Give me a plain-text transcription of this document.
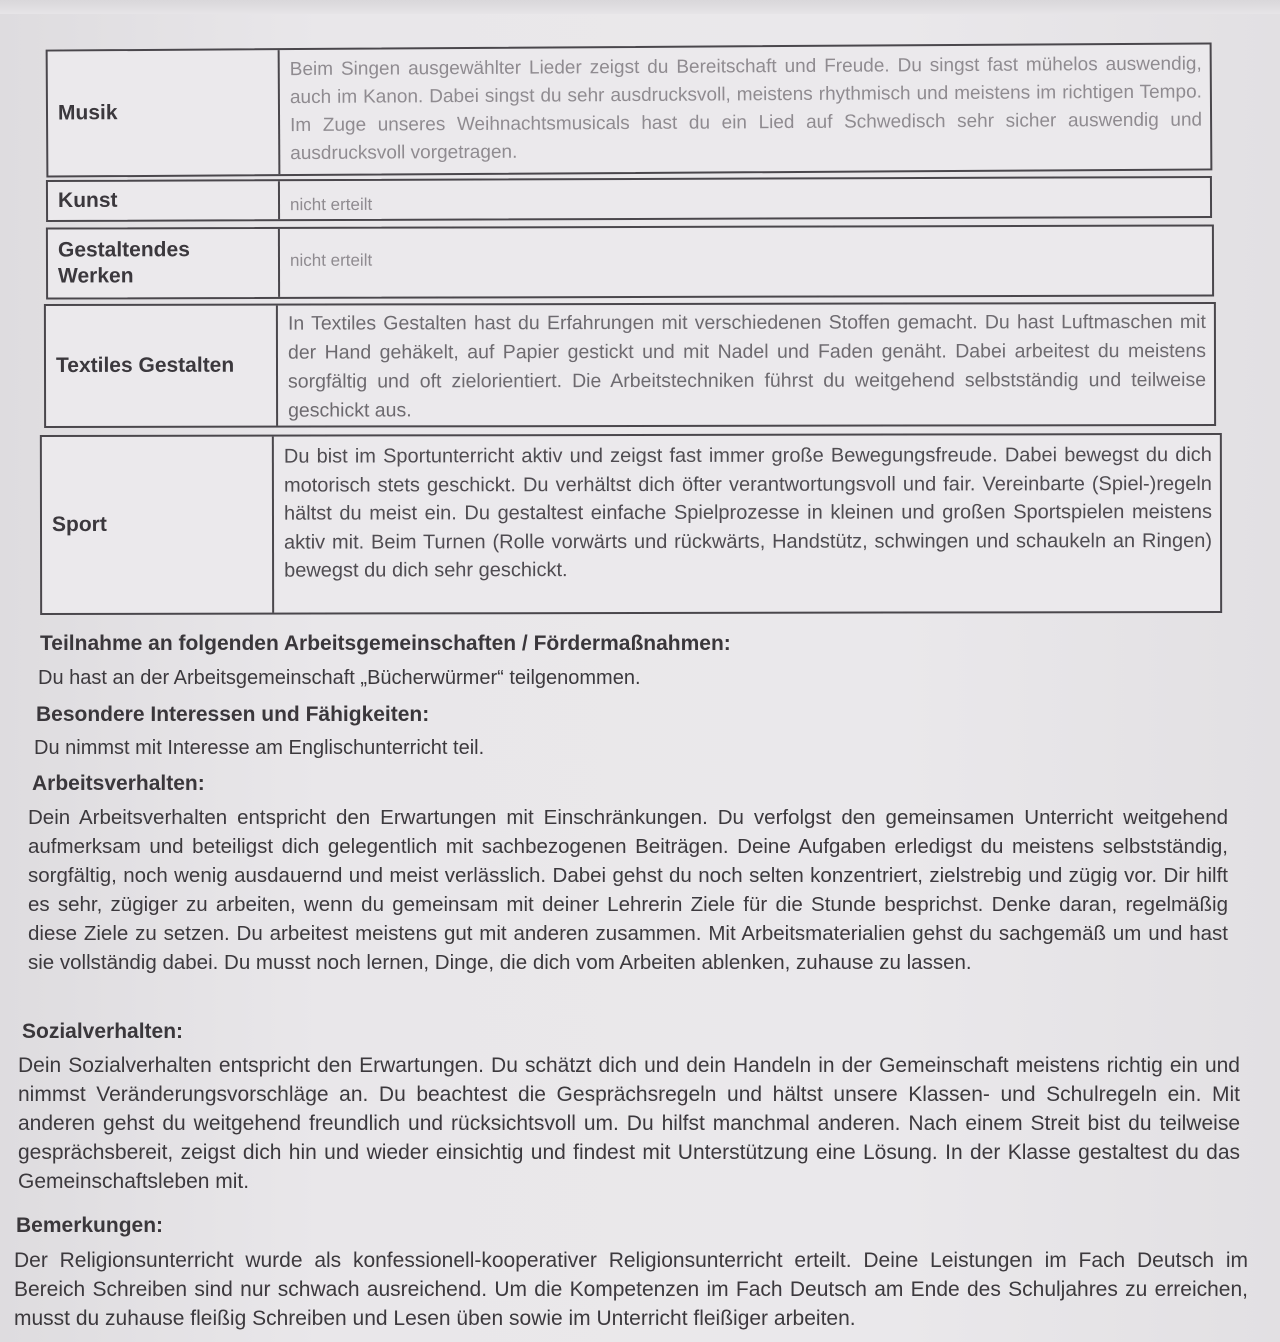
Musik
Beim Singen ausgewählter Lieder zeigst du Bereitschaft und Freude. Du singst fast mühelos auswendig, auch im Kanon. Dabei singst du sehr ausdrucksvoll, meistens rhythmisch und meistens im richtigen Tempo. Im Zuge unseres Weihnachtsmusicals hast du ein Lied auf Schwedisch sehr sicher auswendig und ausdrucksvoll vorgetragen.
Kunst	nicht erteilt
Gestaltendes Werken
nicht erteilt
Textiles Gestalten
In Textiles Gestalten hast du Erfahrungen mit verschiedenen Stoffen gemacht. Du hast Luftmaschen mit der Hand gehäkelt, auf Papier gestickt und mit Nadel und Faden genäht. Dabei arbeitest du meistens sorgfältig und oft zielorientiert. Die Arbeitstechniken führst du weitgehend selbstständig und teilweise geschickt aus.
Sport
Du bist im Sportunterricht aktiv und zeigst fast immer große Bewegungsfreude. Dabei bewegst du dich motorisch stets geschickt. Du verhältst dich öfter verantwortungsvoll und fair. Vereinbarte (Spiel-)regeln hältst du meist ein. Du gestaltest einfache Spielprozesse in kleinen und großen Sportspielen meistens aktiv mit. Beim Turnen (Rolle vorwärts und rückwärts, Handstütz, schwingen und schaukeln an Ringen) bewegst du dich sehr geschickt.
Teilnahme an folgenden Arbeitsgemeinschaften / Fördermaßnahmen:
Du hast an der Arbeitsgemeinschaft „Bücherwürmer“ teilgenommen.
Besondere Interessen und Fähigkeiten:
Du nimmst mit Interesse am Englischunterricht teil.
Arbeitsverhalten:
Dein Arbeitsverhalten entspricht den Erwartungen mit Einschränkungen. Du verfolgst den gemeinsamen Unterricht weitgehend aufmerksam und beteiligst dich gelegentlich mit sachbezogenen Beiträgen. Deine Aufgaben erledigst du meistens selbstständig, sorgfältig, noch wenig ausdauernd und meist verlässlich. Dabei gehst du noch selten konzentriert, zielstrebig und zügig vor. Dir hilft es sehr, zügiger zu arbeiten, wenn du gemeinsam mit deiner Lehrerin Ziele für die Stunde besprichst. Denke daran, regelmäßig diese Ziele zu setzen. Du arbeitest meistens gut mit anderen zusammen. Mit Arbeitsmaterialien gehst du sachgemäß um und hast sie vollständig dabei. Du musst noch lernen, Dinge, die dich vom Arbeiten ablenken, zuhause zu lassen.
Sozialverhalten:
Dein Sozialverhalten entspricht den Erwartungen. Du schätzt dich und dein Handeln in der Gemeinschaft meistens richtig ein und nimmst Veränderungsvorschläge an. Du beachtest die Gesprächsregeln und hältst unsere Klassen- und Schulregeln ein. Mit anderen gehst du weitgehend freundlich und rücksichtsvoll um. Du hilfst manchmal anderen. Nach einem Streit bist du teilweise gesprächsbereit, zeigst dich hin und wieder einsichtig und findest mit Unterstützung eine Lösung. In der Klasse gestaltest du das Gemeinschaftsleben mit.
Bemerkungen:
Der Religionsunterricht wurde als konfessionell-kooperativer Religionsunterricht erteilt. Deine Leistungen im Fach Deutsch im Bereich Schreiben sind nur schwach ausreichend. Um die Kompetenzen im Fach Deutsch am Ende des Schuljahres zu erreichen, musst du zuhause fleißig Schreiben und Lesen üben sowie im Unterricht fleißiger arbeiten.
